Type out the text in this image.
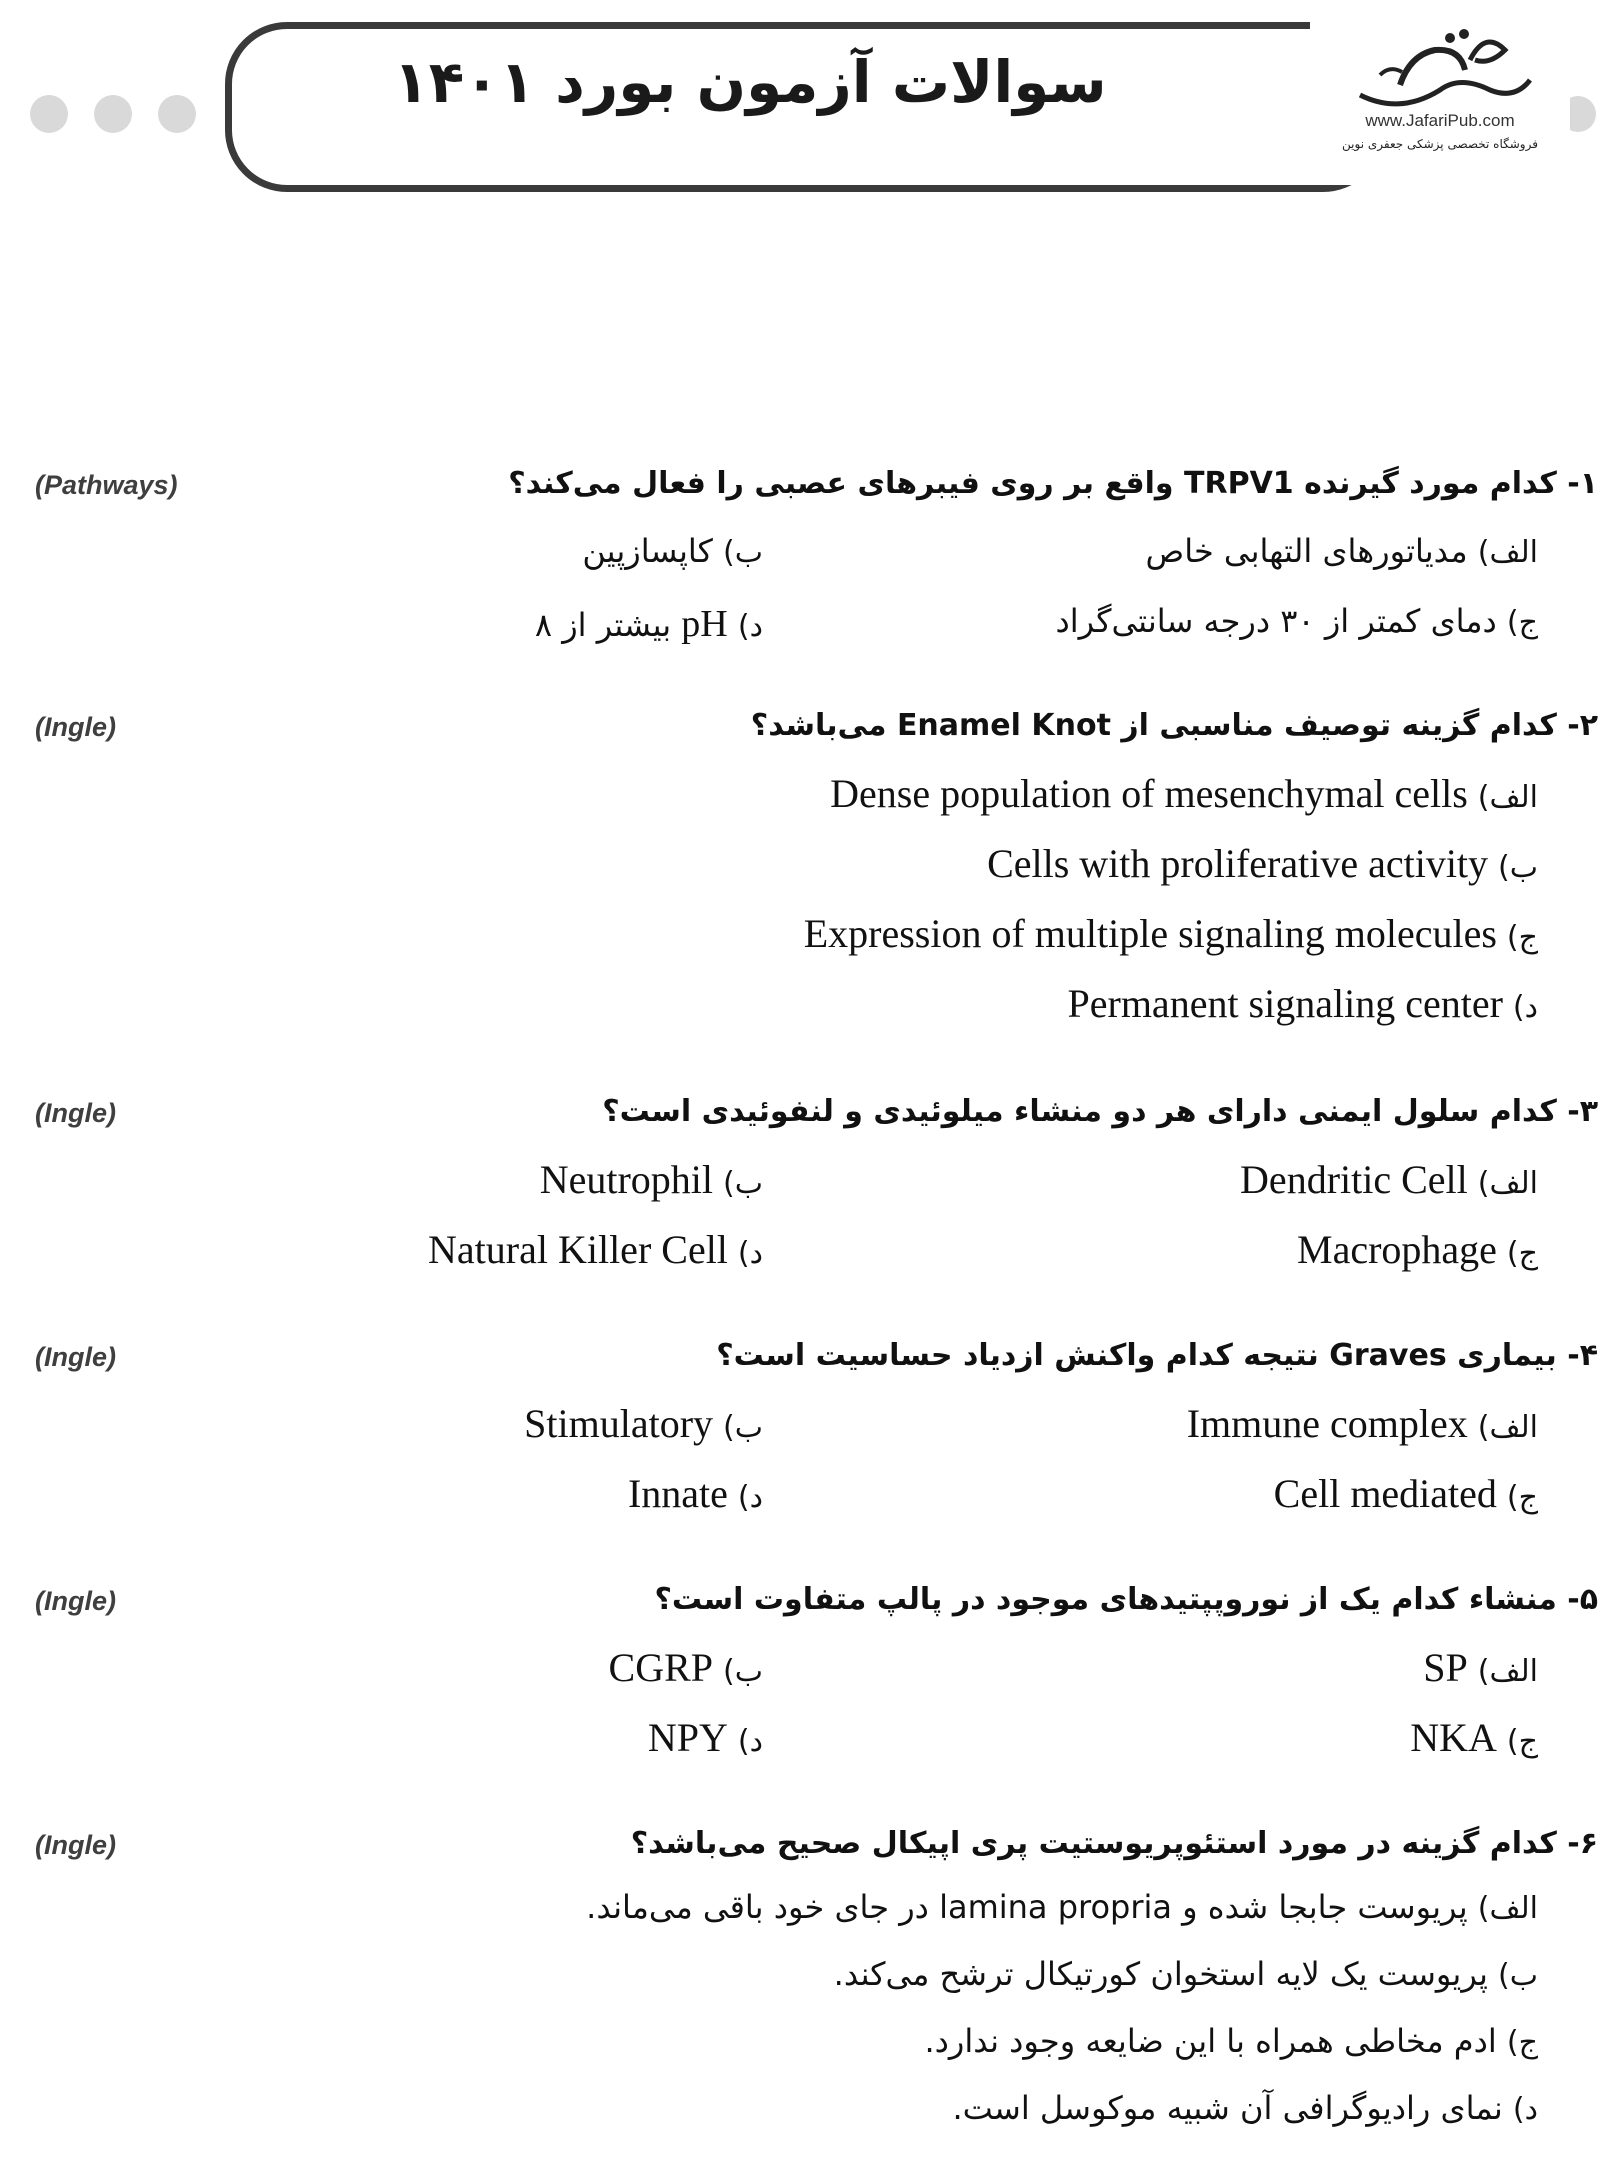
سوالات آزمون بورد ۱۴۰۱
www.JafariPub.com
فروشگاه تخصصی پزشکی جعفری نوین
(Pathways)	۱- کدام مورد گیرنده TRPV1 واقع بر روی فیبرهای عصبی را فعال می‌کند؟
الف) مدیاتورهای التهابی خاص
ب) کاپسازپین
ج) دمای کمتر از ۳۰ درجه سانتی‌گراد
د) pH بیشتر از ۸
(Ingle)	۲- کدام گزینه توصیف مناسبی از Enamel Knot می‌باشد؟
الف) Dense population of mesenchymal cells
ب) Cells with proliferative activity
ج) Expression of multiple signaling molecules
د) Permanent signaling center
(Ingle)	۳- کدام سلول ایمنی دارای هر دو منشاء میلوئیدی و لنفوئیدی است؟
الف) Dendritic Cell
ب) Neutrophil
ج) Macrophage
د) Natural Killer Cell
(Ingle)	۴- بیماری Graves نتیجه کدام واکنش ازدیاد حساسیت است؟
الف) Immune complex
ب) Stimulatory
ج) Cell mediated
د) Innate
(Ingle)	۵- منشاء کدام یک از نوروپپتیدهای موجود در پالپ متفاوت است؟
الف) SP
ب) CGRP
ج) NKA
د) NPY
(Ingle)	۶- کدام گزینه در مورد استئوپریوستیت پری اپیکال صحیح می‌باشد؟
الف) پریوست جابجا شده و lamina propria در جای خود باقی می‌ماند.
ب) پریوست یک لایه استخوان کورتیکال ترشح می‌کند.
ج) ادم مخاطی همراه با این ضایعه وجود ندارد.
د) نمای رادیوگرافی آن شبیه موکوسل است.
